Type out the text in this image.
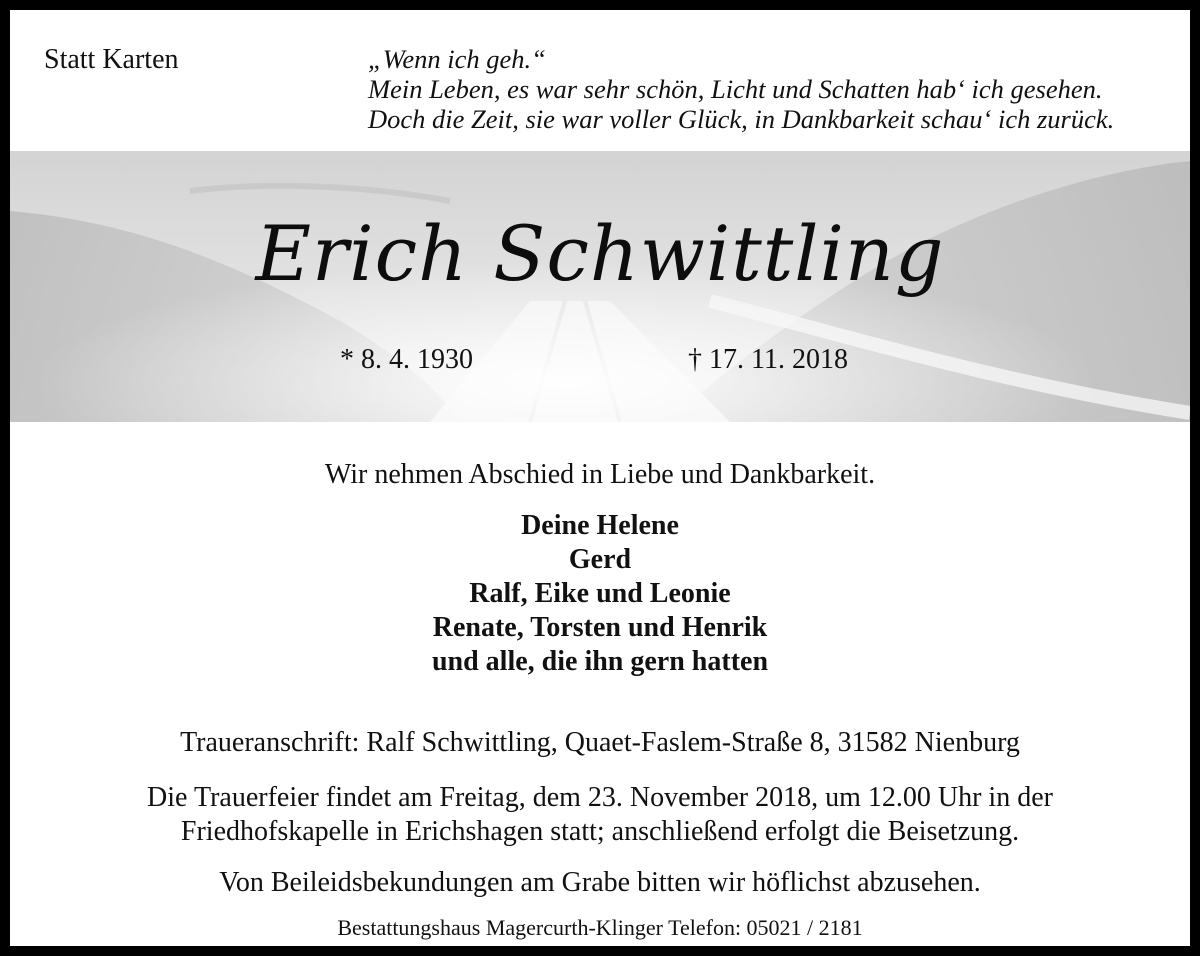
Statt Karten	„Wenn ich geh.“
Mein Leben, es war sehr schön, Licht und Schatten hab‘ ich gesehen.
Doch die Zeit, sie war voller Glück, in Dankbarkeit schau‘ ich zurück.
Erich Schwittling
* 8. 4. 1930	† 17. 11. 2018
Wir nehmen Abschied in Liebe und Dankbarkeit.
Deine Helene
Gerd
Ralf, Eike und Leonie
Renate, Torsten und Henrik
und alle, die ihn gern hatten
Traueranschrift: Ralf Schwittling, Quaet-Faslem-Straße 8, 31582 Nienburg
Die Trauerfeier findet am Freitag, dem 23. November 2018, um 12.00 Uhr in der
Friedhofskapelle in Erichshagen statt; anschließend erfolgt die Beisetzung.
Von Beileidsbekundungen am Grabe bitten wir höflichst abzusehen.
Bestattungshaus Magercurth-Klinger Telefon: 05021 / 2181
